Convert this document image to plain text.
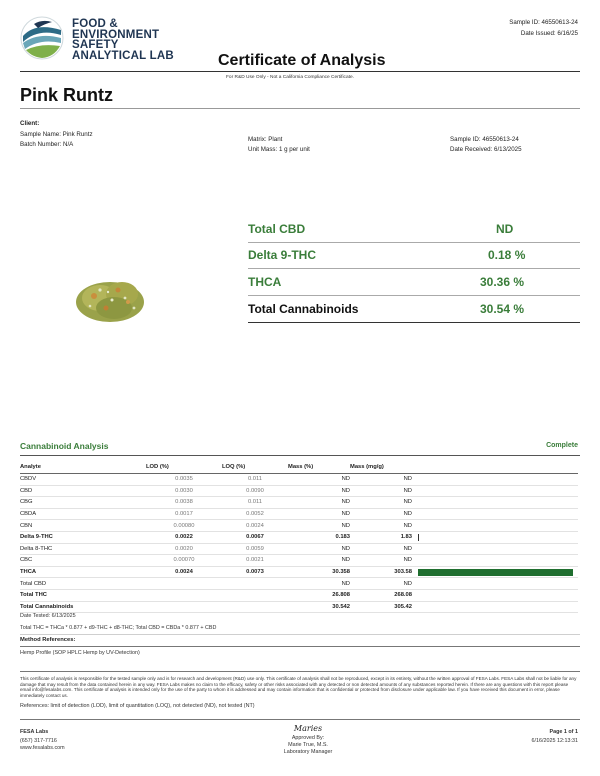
FOOD &
ENVIRONMENT
SAFETY
ANALYTICAL LAB
Sample ID: 46550613-24
Date Issued: 6/16/25
Certificate of Analysis
For R&D Use Only - Not a California Compliance Certificate.
Pink Runtz
Client:
Sample Name: Pink Runtz
Batch Number: N/A
Matrix: Plant
Unit Mass: 1 g per unit
Sample ID: 46550613-24
Date Received: 6/13/2025
Total CBD	ND
Delta 9-THC	0.18 %
THCA	30.36 %
Total Cannabinoids	30.54 %
Cannabinoid Analysis	Complete
Analyte	LOD (%)	LOQ (%)	Mass (%)	Mass (mg/g)	
CBDV	0.0035	0.011	ND	ND	
CBD	0.0030	0.0090	ND	ND	
CBG	0.0038	0.011	ND	ND	
CBDA	0.0017	0.0052	ND	ND	
CBN	0.00080	0.0024	ND	ND	
Delta 9-THC	0.0022	0.0067	0.183	1.83	

Delta 8-THC	0.0020	0.0059	ND	ND	
CBC	0.00070	0.0021	ND	ND	
THCA	0.0024	0.0073	30.358	303.58	

Total CBD			ND	ND	
Total THC			26.808	268.08	
Total Cannabinoids			30.542	305.42	
Date Tested: 6/13/2025
Total THC = THCa * 0.877 + d9-THC + d8-THC; Total CBD = CBDa * 0.877 + CBD
Method References:
Hemp Profile (SOP HPLC Hemp by UV-Detection)
This certificate of analysis is responsible for the tested sample only and is for research and development (R&D) use only. This certificate of analysis shall not be reproduced, except in its entirety, without the written approval of FESA Labs. FESA Labs shall not be liable for any damage that may result from the data contained herein in any way. FESA Labs makes no claim to the efficacy, safety or other risks associated with any detected or non detected amounts of any substances reported herein. If there are any questions with this report please email info@fesalabs.com. This certificate of analysis is intended only for the use of the party to whom it is addressed and may contain information that is confidential or protected from disclosure under applicable law. If you have received this document in error, please immediately contact us.
References: limit of detection (LOD), limit of quantitation (LOQ), not detected (ND), not tested (NT)
FESA Labs
(657) 317-7716
www.fesalabs.com
Maries
Approved By:
Marie True, M.S.
Laboratory Manager
Page 1 of 1
6/16/2025 12:13:31
